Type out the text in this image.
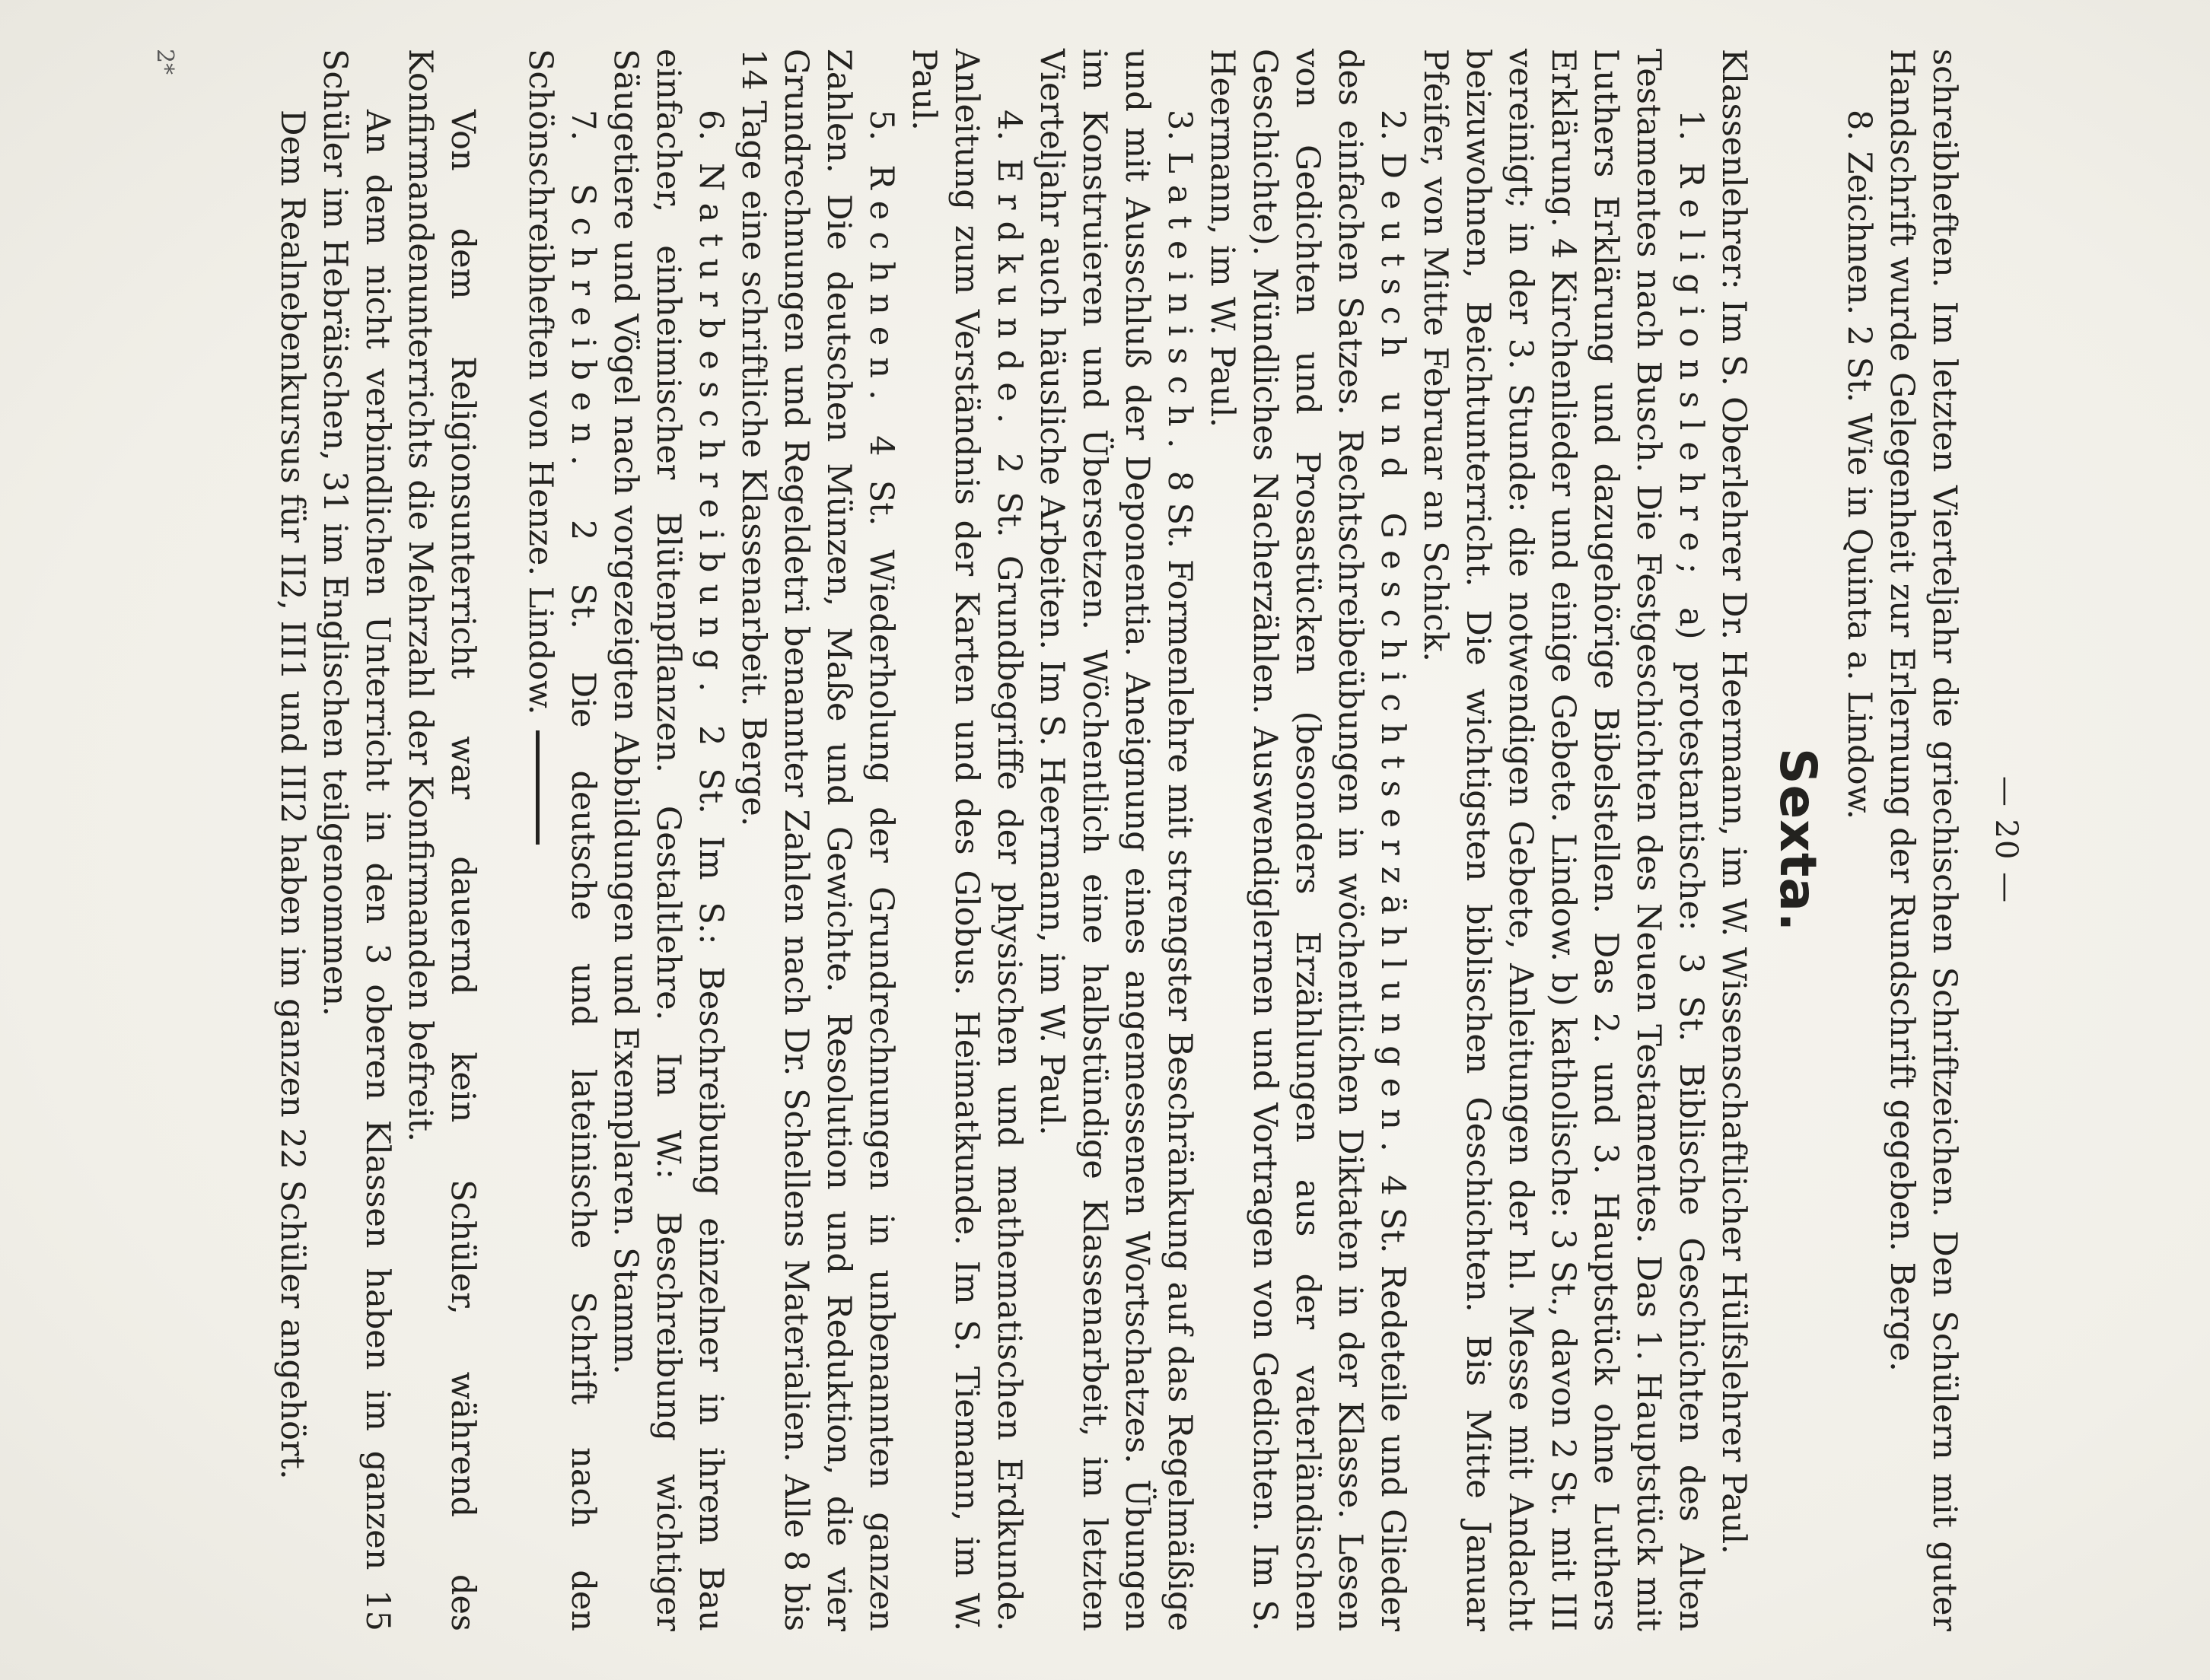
— 20 —

schreibheften. Im letzten Vierteljahr die griechischen Schriftzeichen. Den Schülern mit guter Handschrift wurde Gelegenheit zur Erlernung der Rundschrift gegeben. Berge.

8. Zeichnen. 2 St. Wie in Quinta a. Lindow.

Sexta.

Klassenlehrer: Im S. Oberlehrer Dr. Heermann, im W. Wissenschaftlicher Hülfslehrer Paul.

1. Religionslehre; a) protestantische: 3 St. Biblische Geschichten des Alten Testamentes nach Busch. Die Festgeschichten des Neuen Testamentes. Das 1. Hauptstück mit Luthers Erklärung und dazugehörige Bibelstellen. Das 2. und 3. Hauptstück ohne Luthers Erklärung. 4 Kirchenlieder und einige Gebete. Lindow. b) katholische: 3 St., davon 2 St. mit III vereinigt; in der 3. Stunde: die notwendigen Gebete, Anleitungen der hl. Messe mit Andacht beizuwohnen, Beichtunterricht. Die wichtigsten biblischen Geschichten. Bis Mitte Januar Pfeifer, von Mitte Februar an Schick.

2. Deutsch und Geschichtserzählungen. 4 St. Redeteile und Glieder des einfachen Satzes. Rechtschreibeübungen in wöchentlichen Diktaten in der Klasse. Lesen von Gedichten und Prosastücken (besonders Erzählungen aus der vaterländischen Geschichte). Mündliches Nacherzählen. Auswendiglernen und Vortragen von Gedichten. Im S. Heermann, im W. Paul.

3. Lateinisch. 8 St. Formenlehre mit strengster Beschränkung auf das Regelmäßige und mit Ausschluß der Deponentia. Aneignung eines angemessenen Wortschatzes. Übungen im Konstruieren und Übersetzen. Wöchentlich eine halbstündige Klassenarbeit, im letzten Vierteljahr auch häusliche Arbeiten. Im S. Heermann, im W. Paul.

4. Erdkunde. 2 St. Grundbegriffe der physischen und mathematischen Erdkunde. Anleitung zum Verständnis der Karten und des Globus. Heimatkunde. Im S. Tiemann, im W. Paul.

5. Rechnen. 4 St. Wiederholung der Grundrechnungen in unbenannten ganzen Zahlen. Die deutschen Münzen, Maße und Gewichte. Resolution und Reduktion, die vier Grundrechnungen und Regeldetri benannter Zahlen nach Dr. Schellens Materialien. Alle 8 bis 14 Tage eine schriftliche Klassenarbeit. Berge.

6. Naturbeschreibung. 2 St. Im S.: Beschreibung einzelner in ihrem Bau einfacher, einheimischer Blütenpflanzen. Gestaltlehre. Im W.: Beschreibung wichtiger Säugetiere und Vögel nach vorgezeigten Abbildungen und Exemplaren. Stamm.

7. Schreiben. 2 St. Die deutsche und lateinische Schrift nach den Schönschreibheften von Henze. Lindow.

Von dem Religionsunterricht war dauernd kein Schüler, während des Konfirmandenunterrichts die Mehrzahl der Konfirmanden befreit.

An dem nicht verbindlichen Unterricht in den 3 oberen Klassen haben im ganzen 15 Schüler im Hebräischen, 31 im Englischen teilgenommen.

Dem Realnebenkursus für II2, III1 und III2 haben im ganzen 22 Schüler angehört.

2*
